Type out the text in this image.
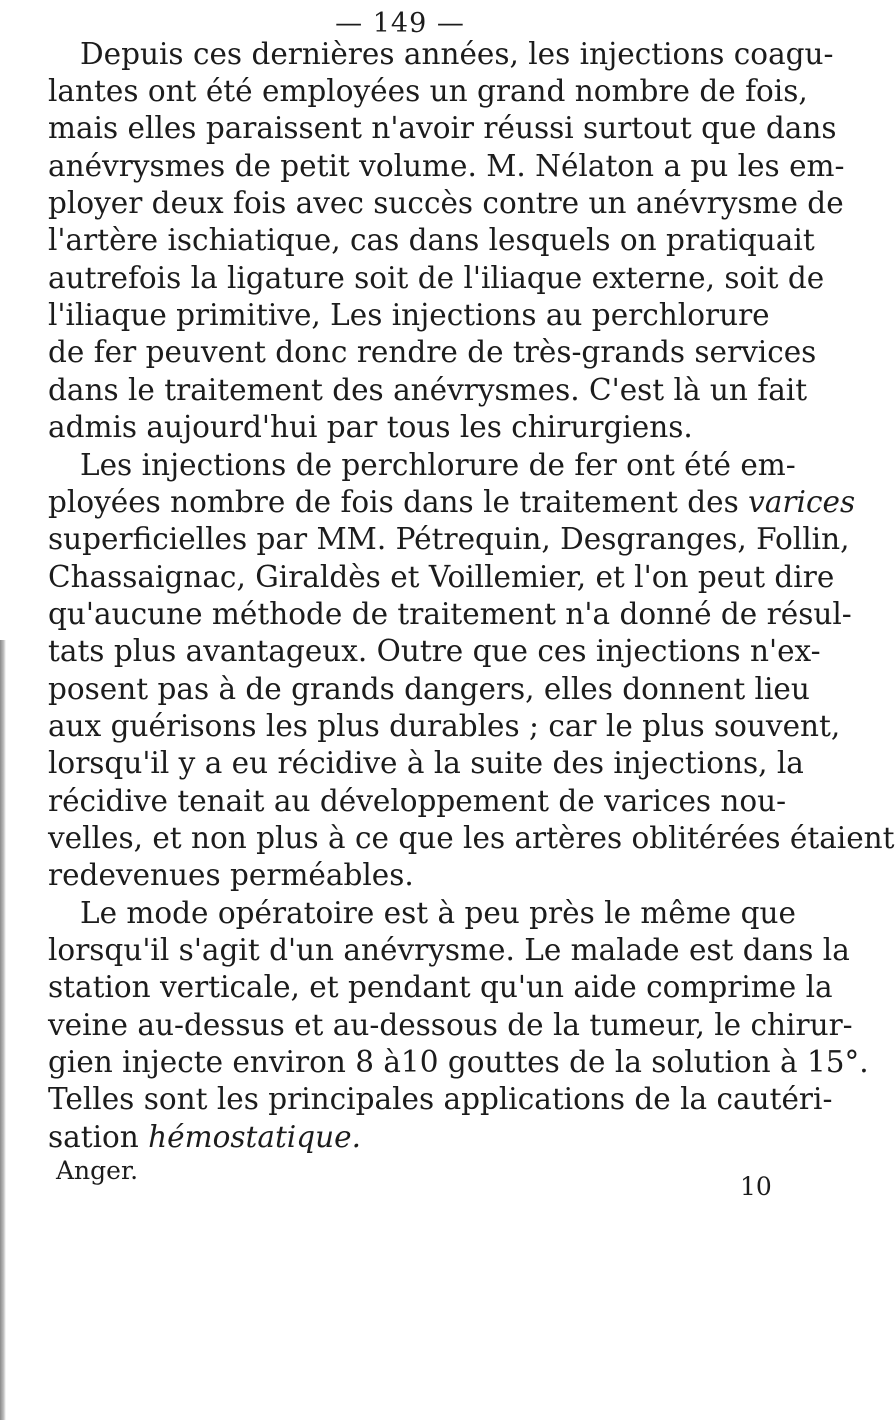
— 149 —
Depuis ces dernières années, les injections coagu-
lantes ont été employées un grand nombre de fois,
mais elles paraissent n'avoir réussi surtout que dans
anévrysmes de petit volume. M. Nélaton a pu les em-
ployer deux fois avec succès contre un anévrysme de
l'artère ischiatique, cas dans lesquels on pratiquait
autrefois la ligature soit de l'iliaque externe, soit de
l'iliaque primitive, Les injections au perchlorure
de fer peuvent donc rendre de très-grands services
dans le traitement des anévrysmes. C'est là un fait
admis aujourd'hui par tous les chirurgiens.
Les injections de perchlorure de fer ont été em-
ployées nombre de fois dans le traitement des varices
superficielles par MM. Pétrequin, Desgranges, Follin,
Chassaignac, Giraldès et Voillemier, et l'on peut dire
qu'aucune méthode de traitement n'a donné de résul-
tats plus avantageux. Outre que ces injections n'ex-
posent pas à de grands dangers, elles donnent lieu
aux guérisons les plus durables ; car le plus souvent,
lorsqu'il y a eu récidive à la suite des injections, la
récidive tenait au développement de varices nou-
velles, et non plus à ce que les artères oblitérées étaient
redevenues perméables.
Le mode opératoire est à peu près le même que
lorsqu'il s'agit d'un anévrysme. Le malade est dans la
station verticale, et pendant qu'un aide comprime la
veine au-dessus et au-dessous de la tumeur, le chirur-
gien injecte environ 8 à10 gouttes de la solution à 15°.
Telles sont les principales applications de la cautéri-
sation hémostatique.
Anger.
10
